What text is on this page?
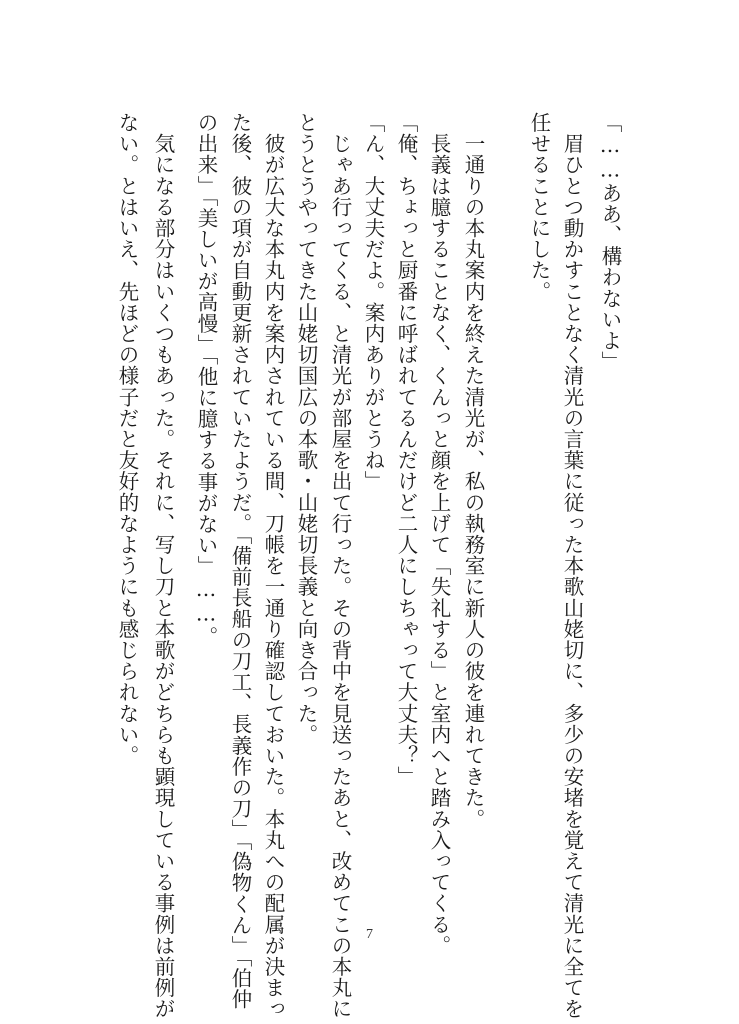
「……ああ、構わないよ」
　眉ひとつ動かすことなく清光の言葉に従った本歌山姥切に、多少の安堵を覚えて清光に全てを
任せることにした。
　一通りの本丸案内を終えた清光が、私の執務室に新人の彼を連れてきた。
　長義は臆することなく、くんっと顔を上げて「失礼する」と室内へと踏み入ってくる。
「俺、ちょっと厨番に呼ばれてるんだけど二人にしちゃって大丈夫？」
「ん、大丈夫だよ。案内ありがとうね」
　じゃあ行ってくる、と清光が部屋を出て行った。その背中を見送ったあと、改めてこの本丸に
とうとうやってきた山姥切国広の本歌・山姥切長義と向き合った。
　彼が広大な本丸内を案内されている間、刀帳を一通り確認しておいた。本丸への配属が決まっ
た後、彼の項が自動更新されていたようだ。「備前長船の刀工、長義作の刀」「偽物くん」「伯仲
の出来」「美しいが高慢」「他に臆する事がない」……。
　気になる部分はいくつもあった。それに、写し刀と本歌がどちらも顕現している事例は前例が
ない。とはいえ、先ほどの様子だと友好的なようにも感じられない。
7
